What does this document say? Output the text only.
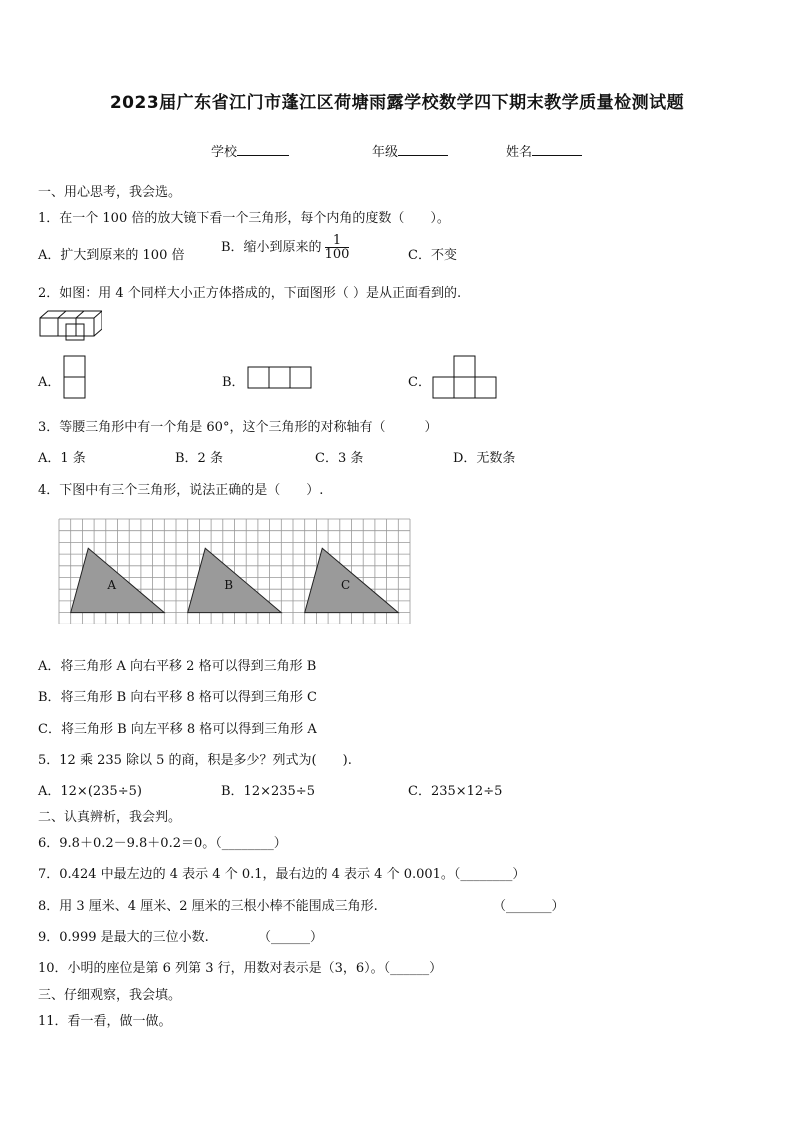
2023届广东省江门市蓬江区荷塘雨露学校数学四下期末教学质量检测试题
学校	年级	姓名
一、用心思考，我会选。
1．在一个 100 倍的放大镜下看一个三角形，每个内角的度数（　　）。
A．扩大到原来的 100 倍
B．缩小到原来的 $\frac{1}{100}$	C．不变
2．如图：用 4 个同样大小正方体搭成的，下面图形（ ）是从正面看到的.
A．	B．	C．
3．等腰三角形中有一个角是 60°，这个三角形的对称轴有（　　　）
A．1 条	B．2 条	C．3 条	D．无数条
4．下图中有三个三角形，说法正确的是（　　）.
A	B	C
A．将三角形 A 向右平移 2 格可以得到三角形 B
B．将三角形 B 向右平移 8 格可以得到三角形 C
C．将三角形 B 向左平移 8 格可以得到三角形 A
5．12 乘 235 除以 5 的商，积是多少？列式为(　　).
A．12×(235÷5)	B．12×235÷5	C．235×12÷5
二、认真辨析，我会判。
6．9.8＋0.2－9.8＋0.2＝0。（________）
7．0.424 中最左边的 4 表示 4 个 0.1，最右边的 4 表示 4 个 0.001。（________）
8．用 3 厘米、4 厘米、2 厘米的三根小棒不能围成三角形.	（_______）
9．0.999 是最大的三位小数.	（______）
10．小明的座位是第 6 列第 3 行，用数对表示是（3，6）。（______）
三、仔细观察，我会填。
11．看一看，做一做。
